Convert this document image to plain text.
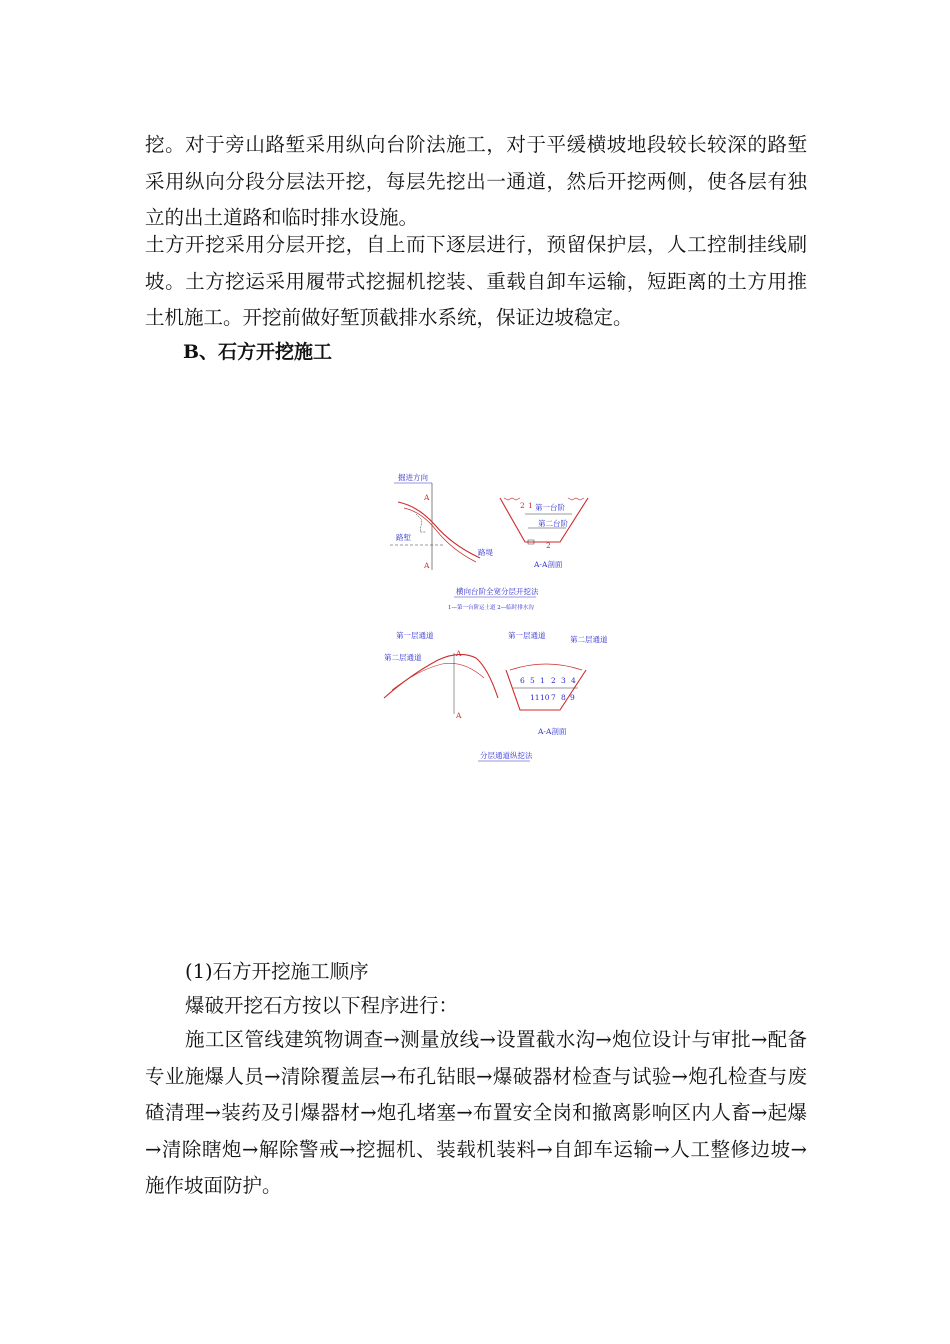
挖。对于旁山路堑采用纵向台阶法施工，对于平缓横坡地段较长较深的路堑采用纵向分段分层法开挖，每层先挖出一通道，然后开挖两侧，使各层有独立的出土道路和临时排水设施。

土方开挖采用分层开挖，自上而下逐层进行，预留保护层，人工控制挂线刷坡。土方挖运采用履带式挖掘机挖装、重载自卸车运输，短距离的土方用推土机施工。开挖前做好堑顶截排水系统，保证边坡稳定。

B、石方开挖施工
掘进方向
A
A
路堑
路堤
第一台阶
第二台阶
2 1
2
A-A剖面
横向台阶全宽分层开挖法
1—第一台阶运土道 2—临时排水沟
第一层通道
第二层通道	A
A
第一层通道	第二层通道
6 5 1 2 3 4
11 10 7 8 9
A-A剖面
分层通道纵挖法

(1)石方开挖施工顺序

爆破开挖石方按以下程序进行：

施工区管线建筑物调查→测量放线→设置截水沟→炮位设计与审批→配备专业施爆人员→清除覆盖层→布孔钻眼→爆破器材检查与试验→炮孔检查与废碴清理→装药及引爆器材→炮孔堵塞→布置安全岗和撤离影响区内人畜→起爆→清除瞎炮→解除警戒→挖掘机、装载机装料→自卸车运输→人工整修边坡→施作坡面防护。
